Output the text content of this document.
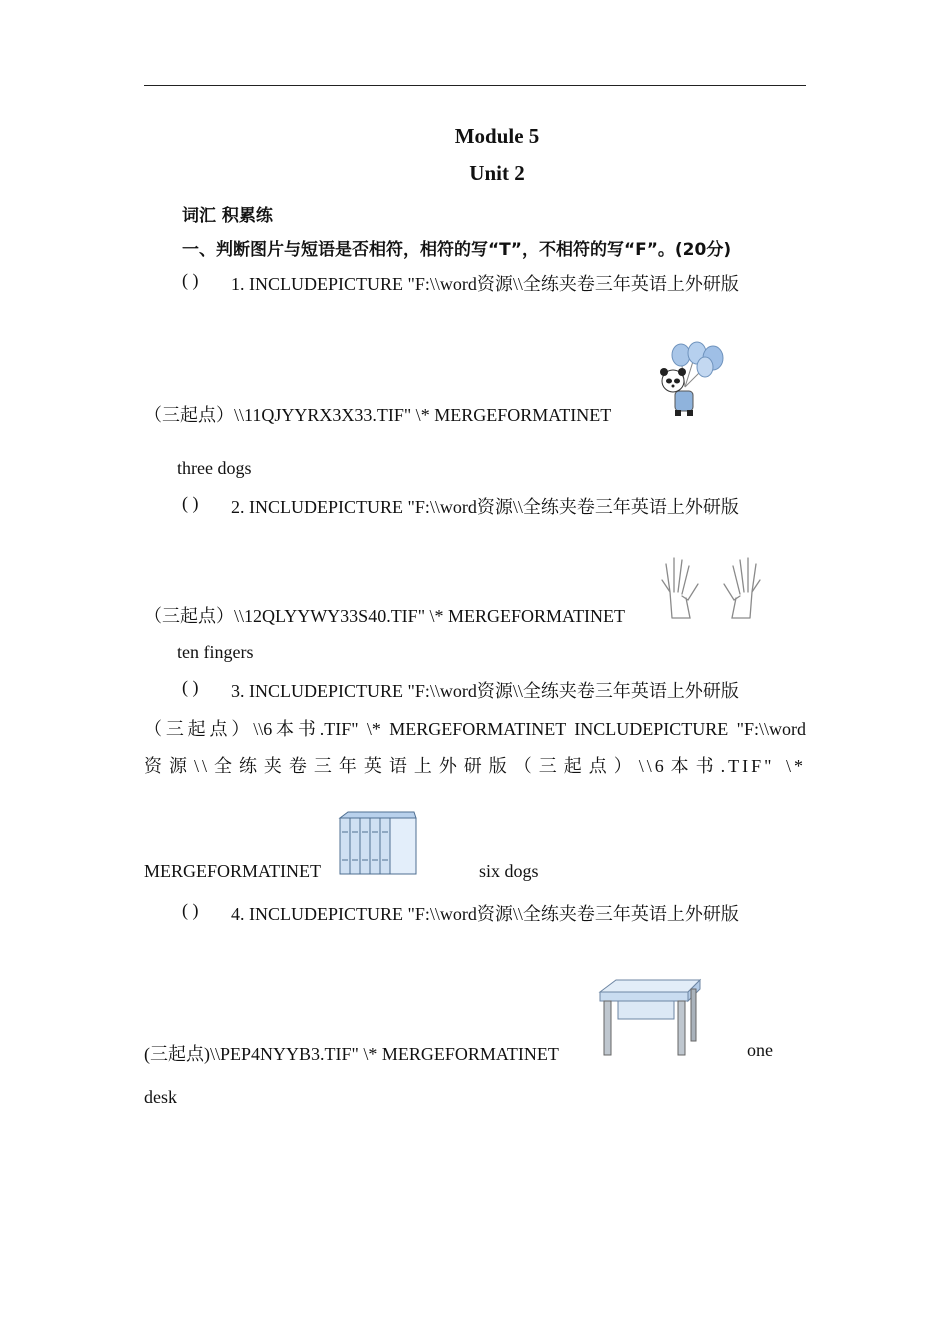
Module 5
Unit 2
词汇 积累练
一、判断图片与短语是否相符，相符的写“T”，不相符的写“F”。(20分)
( ) 1. INCLUDEPICTURE "F:\\word资源\\全练夹卷三年英语上外研版
（三起点）\\11QJYYRX3X33.TIF" \* MERGEFORMATINET
three dogs
( ) 2. INCLUDEPICTURE "F:\\word资源\\全练夹卷三年英语上外研版
（三起点）\\12QLYYWY33S40.TIF" \* MERGEFORMATINET
ten fingers
( ) 3. INCLUDEPICTURE "F:\\word资源\\全练夹卷三年英语上外研版
（三起点）\\6本书.TIF" \* MERGEFORMATINET INCLUDEPICTURE "F:\\word
资源\\全练夹卷三年英语上外研版（三起点）\\6本书.TIF" \*
MERGEFORMATINET	six dogs
( ) 4. INCLUDEPICTURE "F:\\word资源\\全练夹卷三年英语上外研版
(三起点)\\PEP4NYYB3.TIF" \* MERGEFORMATINET	one
desk
